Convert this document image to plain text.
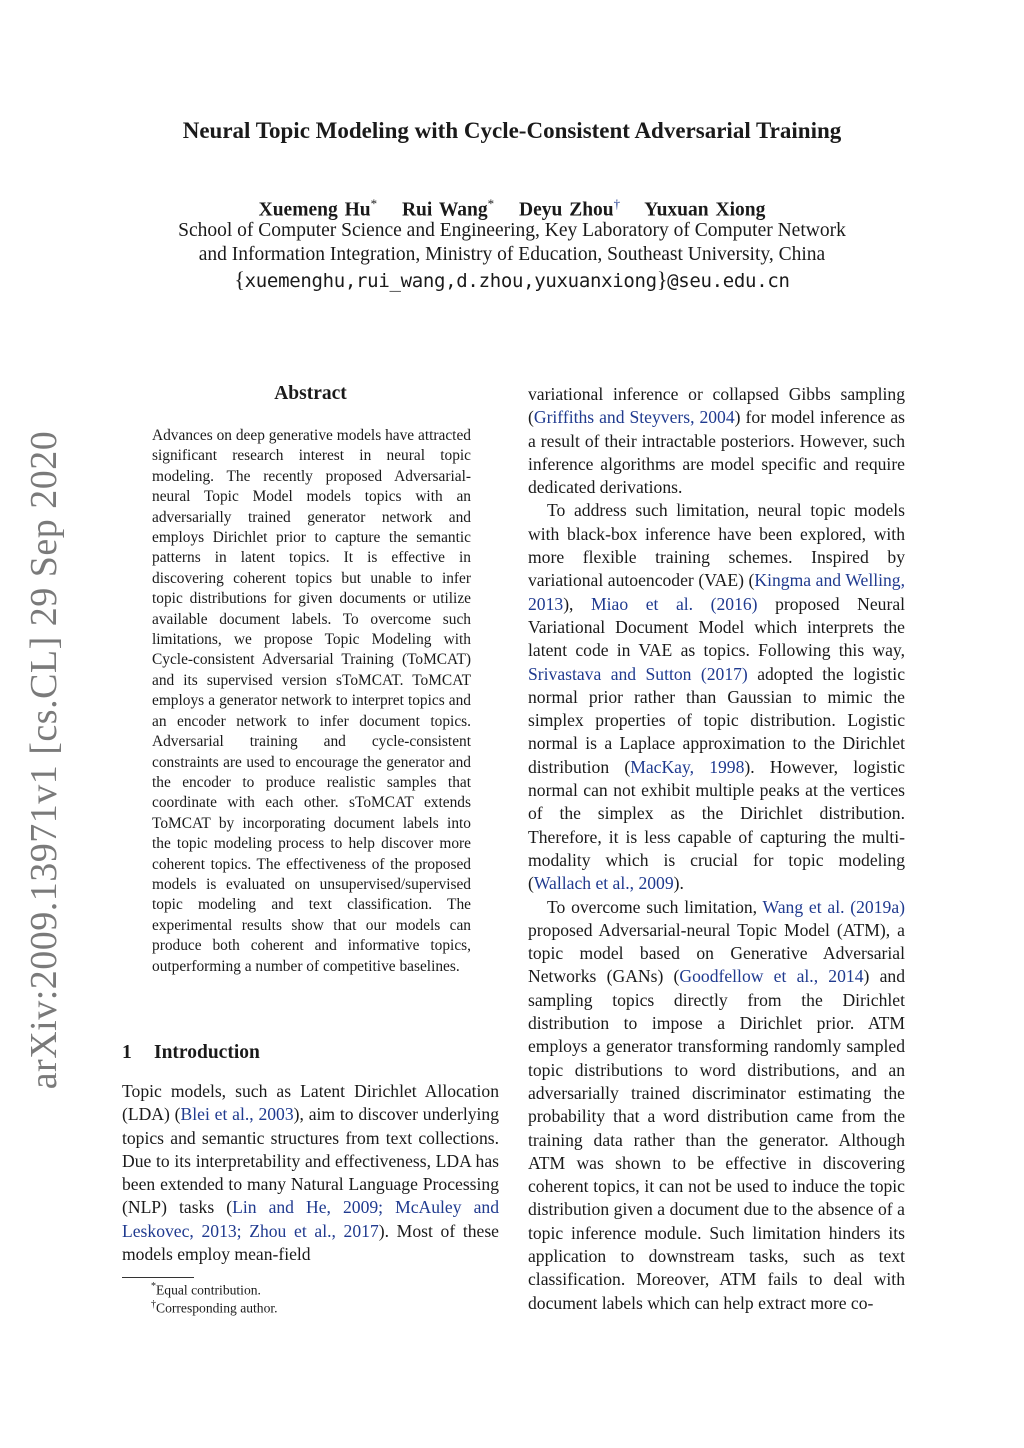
Neural Topic Modeling with Cycle-Consistent Adversarial Training
Xuemeng Hu* Rui Wang* Deyu Zhou† Yuxuan Xiong
School of Computer Science and Engineering, Key Laboratory of Computer Network
and Information Integration, Ministry of Education, Southeast University, China
{xuemenghu,rui_wang,d.zhou,yuxuanxiong}@seu.edu.cn
arXiv:2009.13971v1 [cs.CL] 29 Sep 2020
Abstract
Advances on deep generative models have attracted significant research interest in neural topic modeling. The recently proposed Adversarial-neural Topic Model models topics with an adversarially trained generator network and employs Dirichlet prior to capture the semantic patterns in latent topics. It is effective in discovering coherent topics but unable to infer topic distributions for given documents or utilize available document labels. To overcome such limitations, we propose Topic Modeling with Cycle-consistent Adversarial Training (ToMCAT) and its supervised version sToMCAT. ToMCAT employs a generator network to interpret topics and an encoder network to infer document topics. Adversarial training and cycle-consistent constraints are used to encourage the generator and the encoder to produce realistic samples that coordinate with each other. sToMCAT extends ToMCAT by incorporating document labels into the topic modeling process to help discover more coherent topics. The effectiveness of the proposed models is evaluated on unsupervised/supervised topic modeling and text classification. The experimental results show that our models can produce both coherent and informative topics, outperforming a number of competitive baselines.
1 Introduction
Topic models, such as Latent Dirichlet Allocation (LDA) (Blei et al., 2003), aim to discover underlying topics and semantic structures from text collections. Due to its interpretability and effectiveness, LDA has been extended to many Natural Language Processing (NLP) tasks (Lin and He, 2009; McAuley and Leskovec, 2013; Zhou et al., 2017). Most of these models employ mean-field
*Equal contribution.
†Corresponding author.

variational inference or collapsed Gibbs sampling (Griffiths and Steyvers, 2004) for model inference as a result of their intractable posteriors. However, such inference algorithms are model specific and require dedicated derivations.

To address such limitation, neural topic models with black-box inference have been explored, with more flexible training schemes. Inspired by variational autoencoder (VAE) (Kingma and Welling, 2013), Miao et al. (2016) proposed Neural Variational Document Model which interprets the latent code in VAE as topics. Following this way, Srivastava and Sutton (2017) adopted the logistic normal prior rather than Gaussian to mimic the simplex properties of topic distribution. Logistic normal is a Laplace approximation to the Dirichlet distribution (MacKay, 1998). However, logistic normal can not exhibit multiple peaks at the vertices of the simplex as the Dirichlet distribution. Therefore, it is less capable of capturing the multi-modality which is crucial for topic modeling (Wallach et al., 2009).

To overcome such limitation, Wang et al. (2019a) proposed Adversarial-neural Topic Model (ATM), a topic model based on Generative Adversarial Networks (GANs) (Goodfellow et al., 2014) and sampling topics directly from the Dirichlet distribution to impose a Dirichlet prior. ATM employs a generator transforming randomly sampled topic distributions to word distributions, and an adversarially trained discriminator estimating the probability that a word distribution came from the training data rather than the generator. Although ATM was shown to be effective in discovering coherent topics, it can not be used to induce the topic distribution given a document due to the absence of a topic inference module. Such limitation hinders its application to downstream tasks, such as text classification. Moreover, ATM fails to deal with document labels which can help extract more co-
